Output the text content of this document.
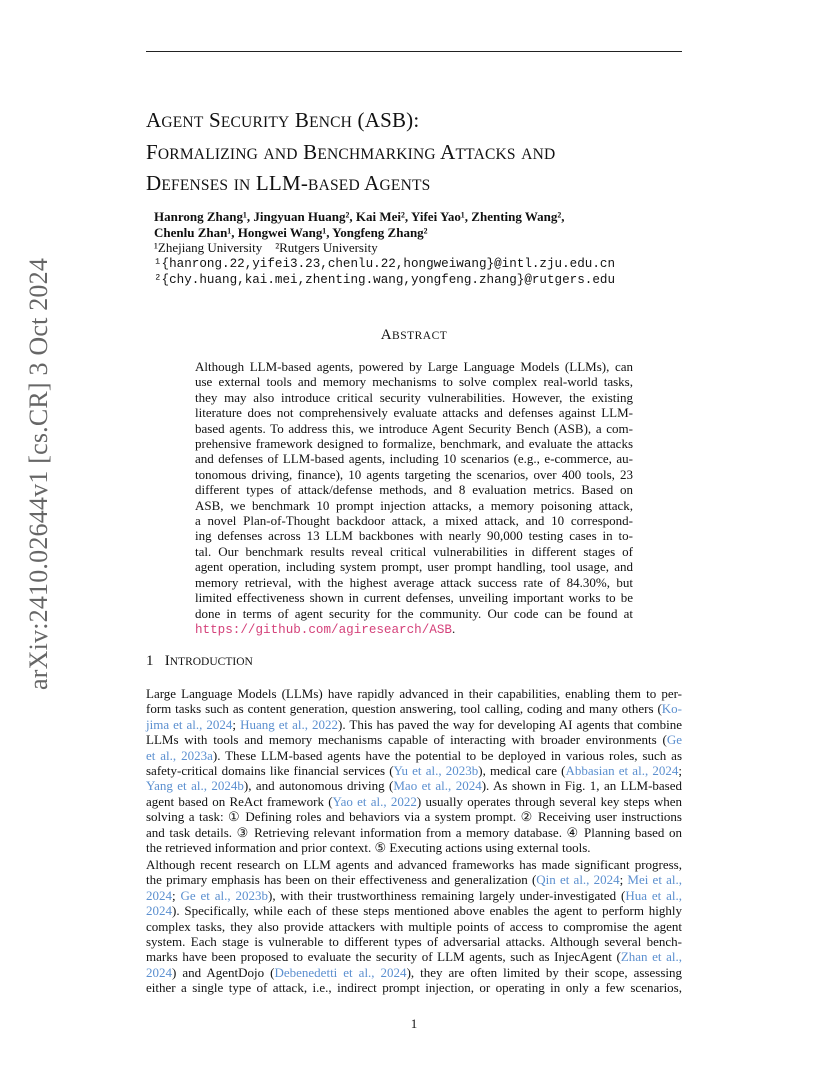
arXiv:2410.02644v1 [cs.CR] 3 Oct 2024
AGENT SECURITY BENCH (ASB):
FORMALIZING AND BENCHMARKING ATTACKS AND
DEFENSES IN LLM-BASED AGENTS
Hanrong Zhang¹, Jingyuan Huang², Kai Mei², Yifei Yao¹, Zhenting Wang²,
Chenlu Zhan¹, Hongwei Wang¹, Yongfeng Zhang²
¹Zhejiang University    ²Rutgers University
¹{hanrong.22,yifei3.23,chenlu.22,hongweiwang}@intl.zju.edu.cn
²{chy.huang,kai.mei,zhenting.wang,yongfeng.zhang}@rutgers.edu
ABSTRACT
Although LLM-based agents, powered by Large Language Models (LLMs), can
use external tools and memory mechanisms to solve complex real-world tasks,
they may also introduce critical security vulnerabilities. However, the existing
literature does not comprehensively evaluate attacks and defenses against LLM-
based agents. To address this, we introduce Agent Security Bench (ASB), a com-
prehensive framework designed to formalize, benchmark, and evaluate the attacks
and defenses of LLM-based agents, including 10 scenarios (e.g., e-commerce, au-
tonomous driving, finance), 10 agents targeting the scenarios, over 400 tools, 23
different types of attack/defense methods, and 8 evaluation metrics. Based on
ASB, we benchmark 10 prompt injection attacks, a memory poisoning attack,
a novel Plan-of-Thought backdoor attack, a mixed attack, and 10 correspond-
ing defenses across 13 LLM backbones with nearly 90,000 testing cases in to-
tal. Our benchmark results reveal critical vulnerabilities in different stages of
agent operation, including system prompt, user prompt handling, tool usage, and
memory retrieval, with the highest average attack success rate of 84.30%, but
limited effectiveness shown in current defenses, unveiling important works to be
done in terms of agent security for the community. Our code can be found at
https://github.com/agiresearch/ASB.
1 INTRODUCTION
Large Language Models (LLMs) have rapidly advanced in their capabilities, enabling them to per-
form tasks such as content generation, question answering, tool calling, coding and many others (Ko-
jima et al., 2024; Huang et al., 2022). This has paved the way for developing AI agents that combine
LLMs with tools and memory mechanisms capable of interacting with broader environments (Ge
et al., 2023a). These LLM-based agents have the potential to be deployed in various roles, such as
safety-critical domains like financial services (Yu et al., 2023b), medical care (Abbasian et al., 2024;
Yang et al., 2024b), and autonomous driving (Mao et al., 2024). As shown in Fig. 1, an LLM-based
agent based on ReAct framework (Yao et al., 2022) usually operates through several key steps when
solving a task: ① Defining roles and behaviors via a system prompt. ② Receiving user instructions
and task details. ③ Retrieving relevant information from a memory database. ④ Planning based on
the retrieved information and prior context. ⑤ Executing actions using external tools.
Although recent research on LLM agents and advanced frameworks has made significant progress,
the primary emphasis has been on their effectiveness and generalization (Qin et al., 2024; Mei et al.,
2024; Ge et al., 2023b), with their trustworthiness remaining largely under-investigated (Hua et al.,
2024). Specifically, while each of these steps mentioned above enables the agent to perform highly
complex tasks, they also provide attackers with multiple points of access to compromise the agent
system. Each stage is vulnerable to different types of adversarial attacks. Although several bench-
marks have been proposed to evaluate the security of LLM agents, such as InjecAgent (Zhan et al.,
2024) and AgentDojo (Debenedetti et al., 2024), they are often limited by their scope, assessing
either a single type of attack, i.e., indirect prompt injection, or operating in only a few scenarios,
1
